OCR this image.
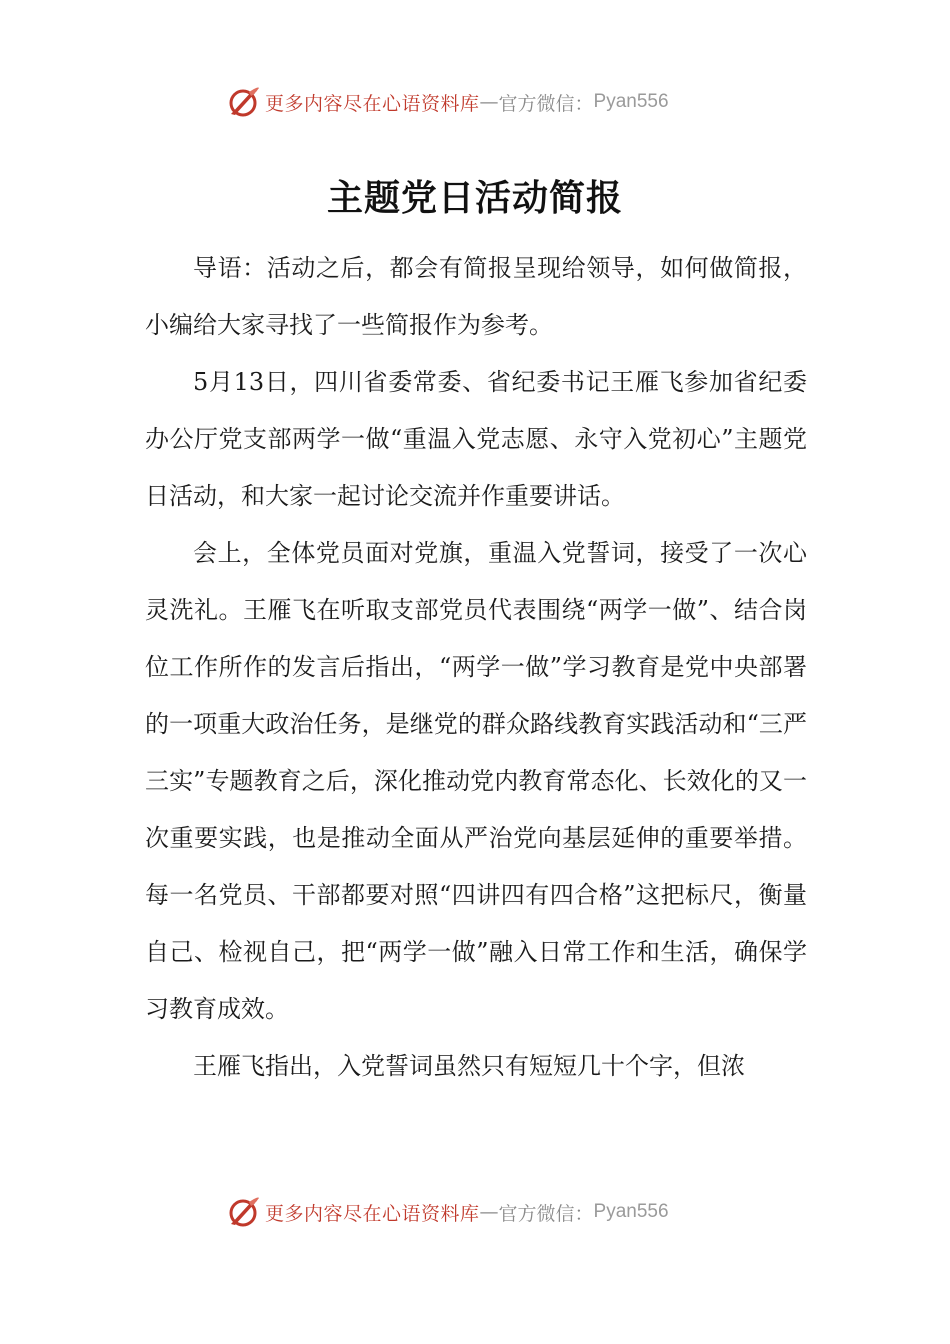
更多内容尽在心语资料库 — 官方微信： Pyan556
主题党日活动简报

导语：活动之后，都会有简报呈现给领导，如何做简报，小编给大家寻找了一些简报作为参考。

5月13日，四川省委常委、省纪委书记王雁飞参加省纪委办公厅党支部两学一做“重温入党志愿、永守入党初心”主题党日活动，和大家一起讨论交流并作重要讲话。

会上，全体党员面对党旗，重温入党誓词，接受了一次心灵洗礼。王雁飞在听取支部党员代表围绕“两学一做”、结合岗位工作所作的发言后指出，“两学一做”学习教育是党中央部署的一项重大政治任务，是继党的群众路线教育实践活动和“三严三实”专题教育之后，深化推动党内教育常态化、长效化的又一次重要实践，也是推动全面从严治党向基层延伸的重要举措。每一名党员、干部都要对照“四讲四有四合格”这把标尺，衡量自己、检视自己，把“两学一做”融入日常工作和生活，确保学习教育成效。

王雁飞指出，入党誓词虽然只有短短几十个字，但浓

更多内容尽在心语资料库 — 官方微信： Pyan556
